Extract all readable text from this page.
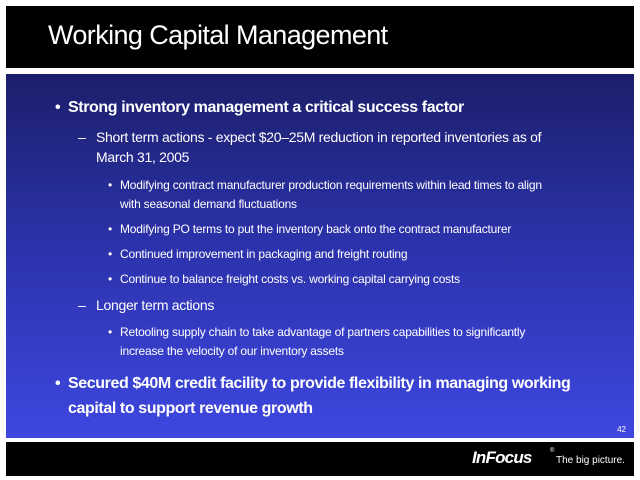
Working Capital Management
• Strong inventory management a critical success factor
– Short term actions - expect $20–25M reduction in reported inventories as of
March 31, 2005
• Modifying contract manufacturer production requirements within lead times to align
with seasonal demand fluctuations
• Modifying PO terms to put the inventory back onto the contract manufacturer
• Continued improvement in packaging and freight routing
• Continue to balance freight costs vs. working capital carrying costs
– Longer term actions
• Retooling supply chain to take advantage of partners capabilities to significantly
increase the velocity of our inventory assets
• Secured $40M credit facility to provide flexibility in managing working
capital to support revenue growth
42
InFocus	®
The big picture.
